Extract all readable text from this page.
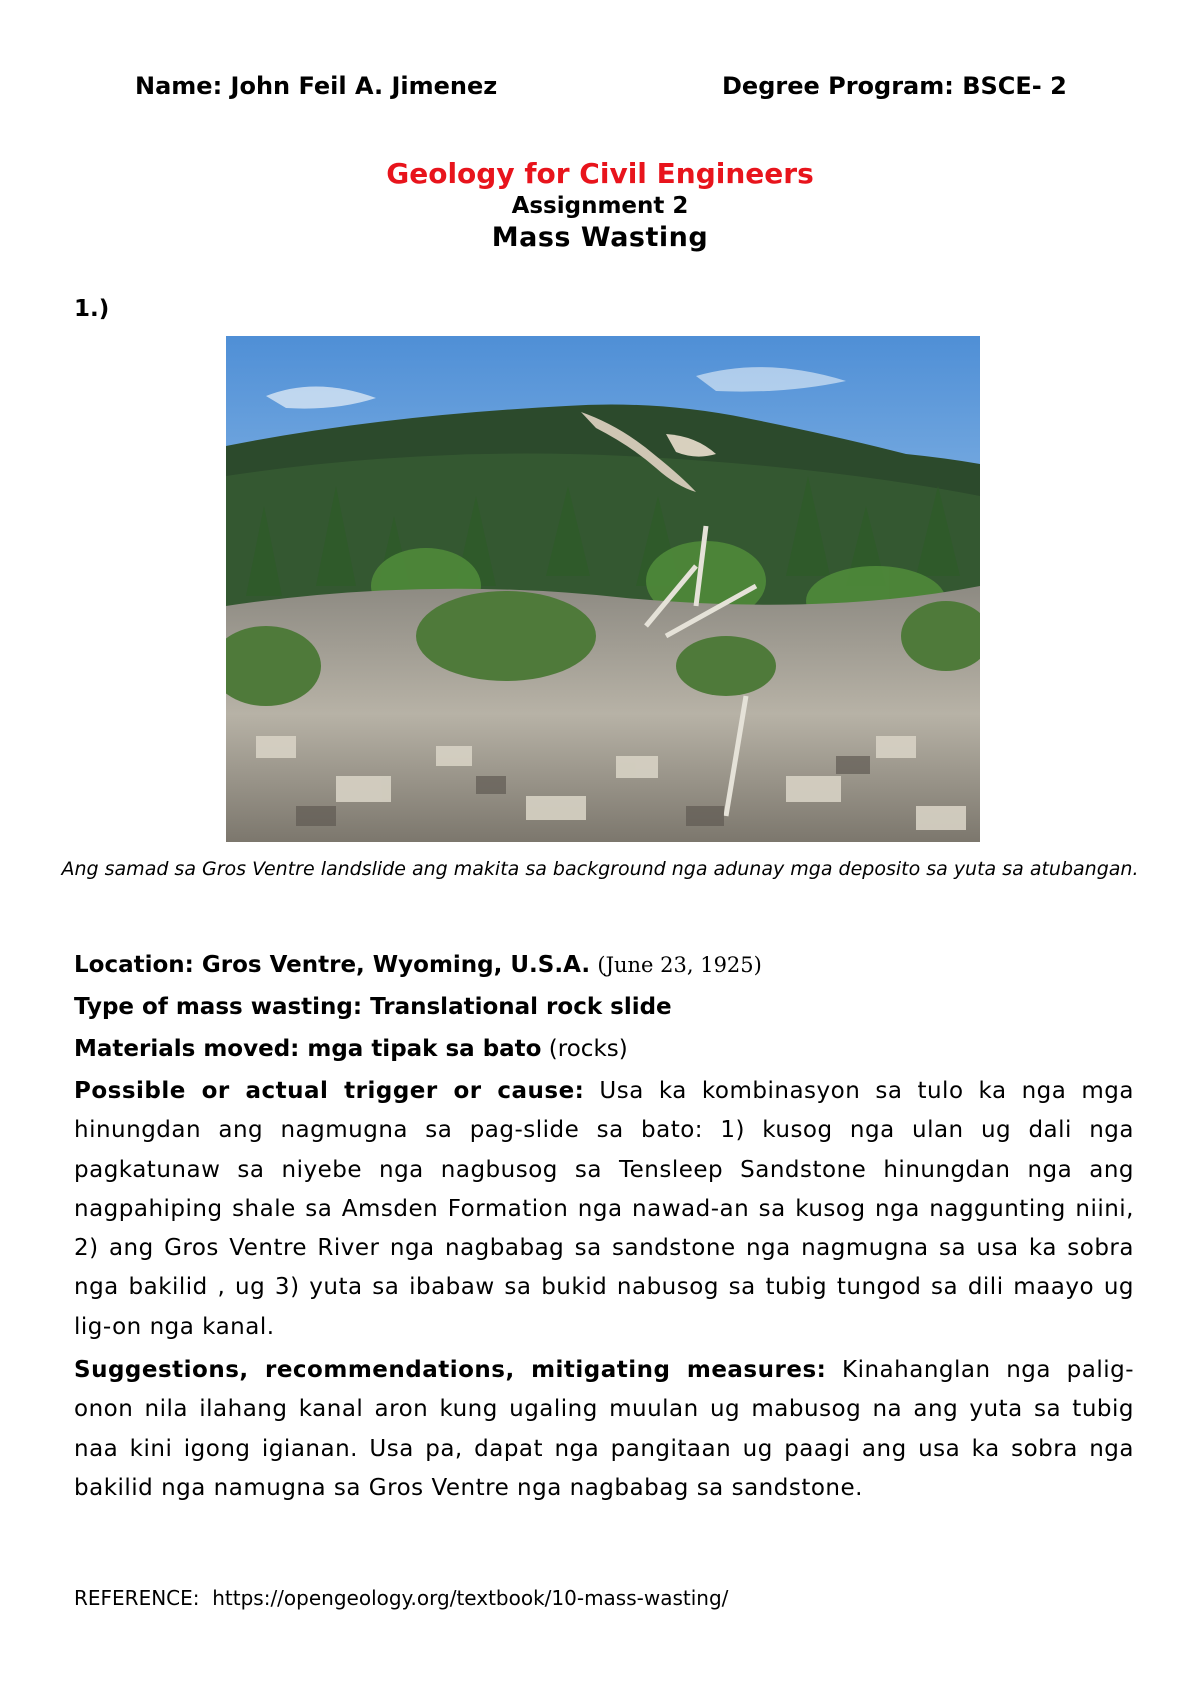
Name: John Feil A. Jimenez	Degree Program: BSCE- 2
Geology for Civil Engineers
Assignment 2
Mass Wasting
1.)
Ang samad sa Gros Ventre landslide ang makita sa background nga adunay mga deposito sa yuta sa atubangan.
Location: Gros Ventre, Wyoming, U.S.A. (June 23, 1925)
Type of mass wasting: Translational rock slide
Materials moved: mga tipak sa bato (rocks)
Possible or actual trigger or cause: Usa ka kombinasyon sa tulo ka nga mga hinungdan ang nagmugna sa pag-slide sa bato: 1) kusog nga ulan ug dali nga pagkatunaw sa niyebe nga nagbusog sa Tensleep Sandstone hinungdan nga ang nagpahiping shale sa Amsden Formation nga nawad-an sa kusog nga naggunting niini, 2) ang Gros Ventre River nga nagbabag sa sandstone nga nagmugna sa usa ka sobra nga bakilid , ug 3) yuta sa ibabaw sa bukid nabusog sa tubig tungod sa dili maayo ug lig-on nga kanal.
Suggestions, recommendations, mitigating measures: Kinahanglan nga palig-onon nila ilahang kanal aron kung ugaling muulan ug mabusog na ang yuta sa tubig naa kini igong igianan. Usa pa, dapat nga pangitaan ug paagi ang usa ka sobra nga bakilid nga namugna sa Gros Ventre nga nagbabag sa sandstone.
REFERENCE: https://opengeology.org/textbook/10-mass-wasting/
